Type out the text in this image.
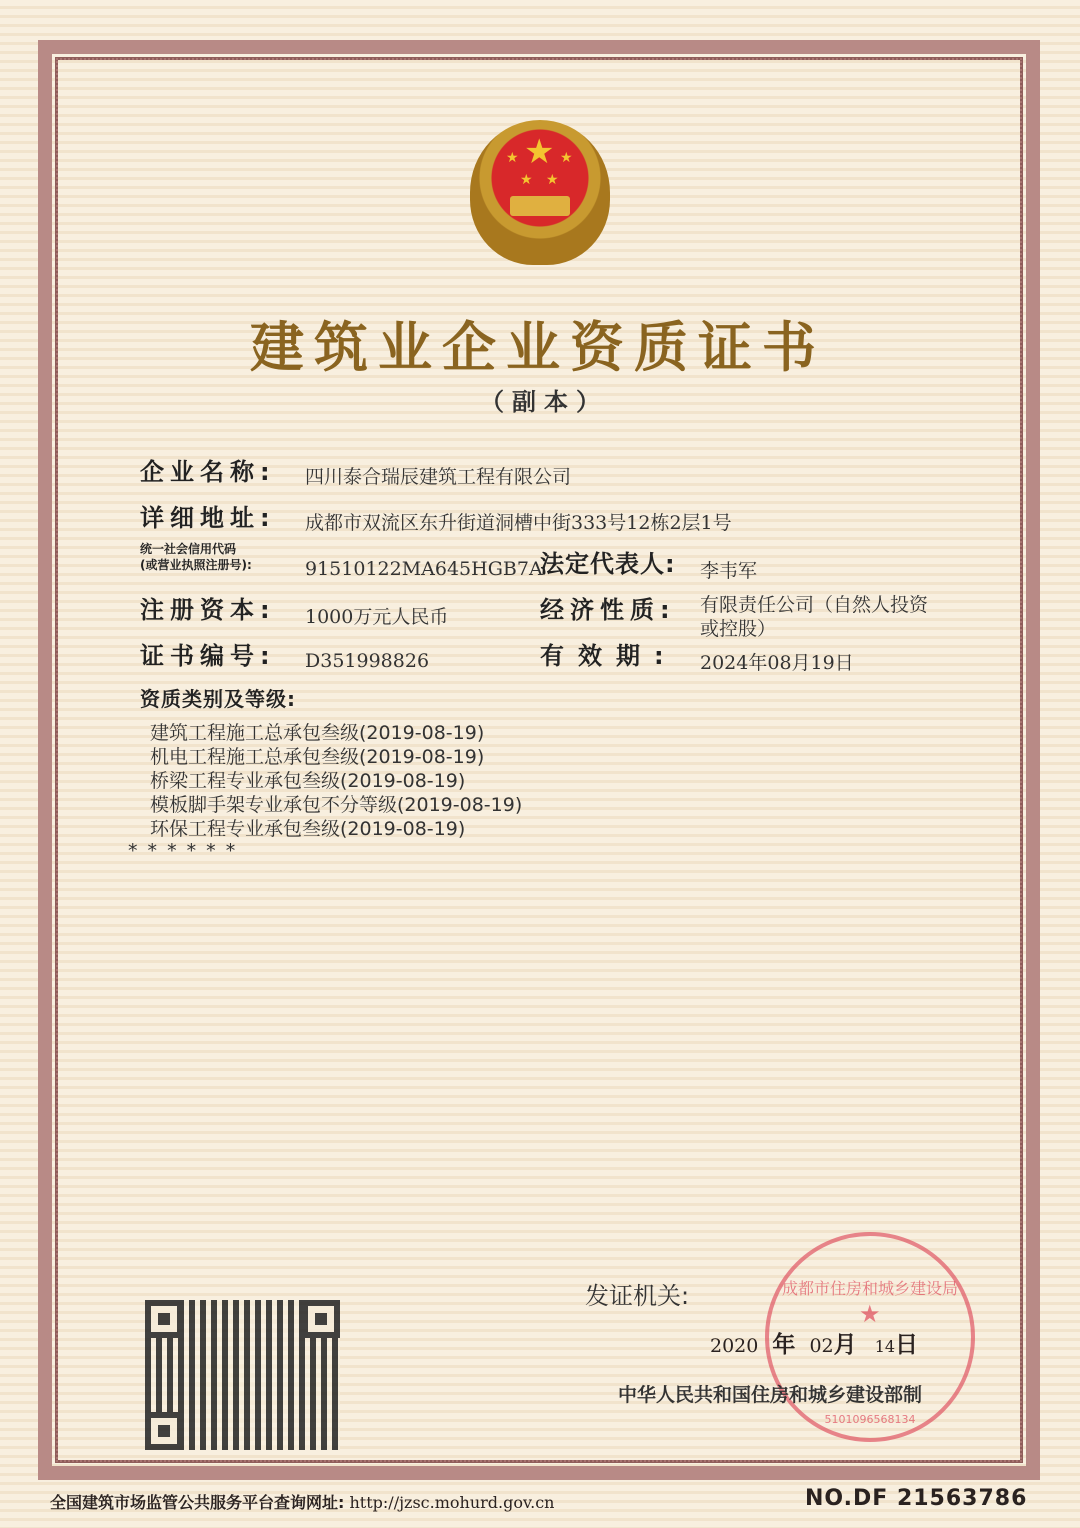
★
★
★ ★
★
建筑业企业资质证书
（副本）
企业名称: 四川泰合瑞辰建筑工程有限公司
详细地址: 成都市双流区东升街道洞槽中街333号12栋2层1号
统一社会信用代码
(或营业执照注册号):	91510122MA645HGB7A
法定代表人: 李韦军
注册资本: 1000万元人民币	经济性质: 有限责任公司（自然人投资
或控股）
证书编号: D351998826	有效期: 2024年08月19日
资质类别及等级:
建筑工程施工总承包叁级(2019-08-19)
机电工程施工总承包叁级(2019-08-19)
桥梁工程专业承包叁级(2019-08-19)
模板脚手架专业承包不分等级(2019-08-19)
环保工程专业承包叁级(2019-08-19)
* * * * * *
成都市住房和城乡建设局
★
5101096568134
发证机关:
2020 年 02月 14日
中华人民共和国住房和城乡建设部制
全国建筑市场监管公共服务平台查询网址: http://jzsc.mohurd.gov.cn	NO.DF 21563786
